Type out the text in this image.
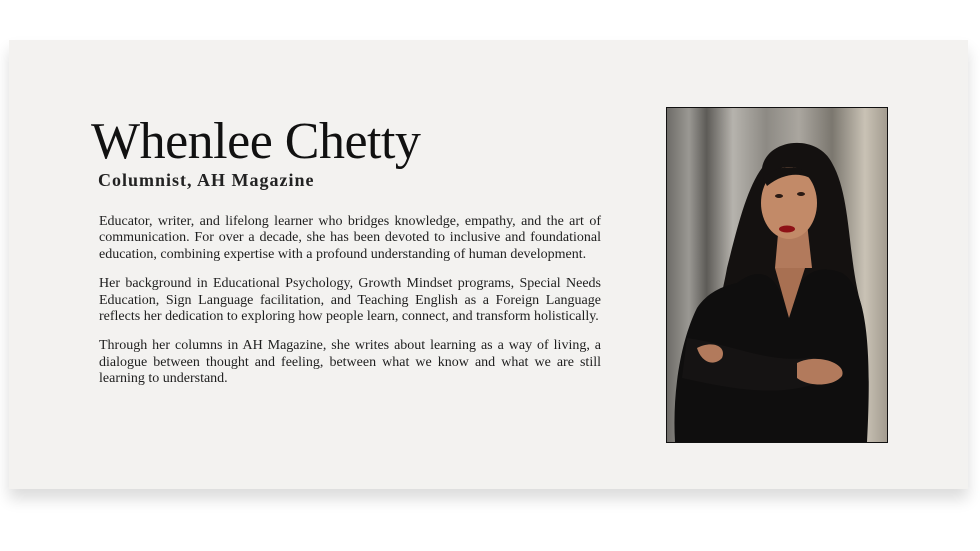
Whenlee Chetty
Columnist, AH Magazine

Educator, writer, and lifelong learner who bridges knowledge, empathy, and the art of communication. For over a decade, she has been devoted to inclusive and foundational education, combining expertise with a profound understanding of human development.

Her background in Educational Psychology, Growth Mindset programs, Special Needs Education, Sign Language facilitation, and Teaching English as a Foreign Language reflects her dedication to exploring how people learn, connect, and transform holistically.

Through her columns in AH Magazine, she writes about learning as a way of living, a dialogue between thought and feeling, between what we know and what we are still learning to understand.
